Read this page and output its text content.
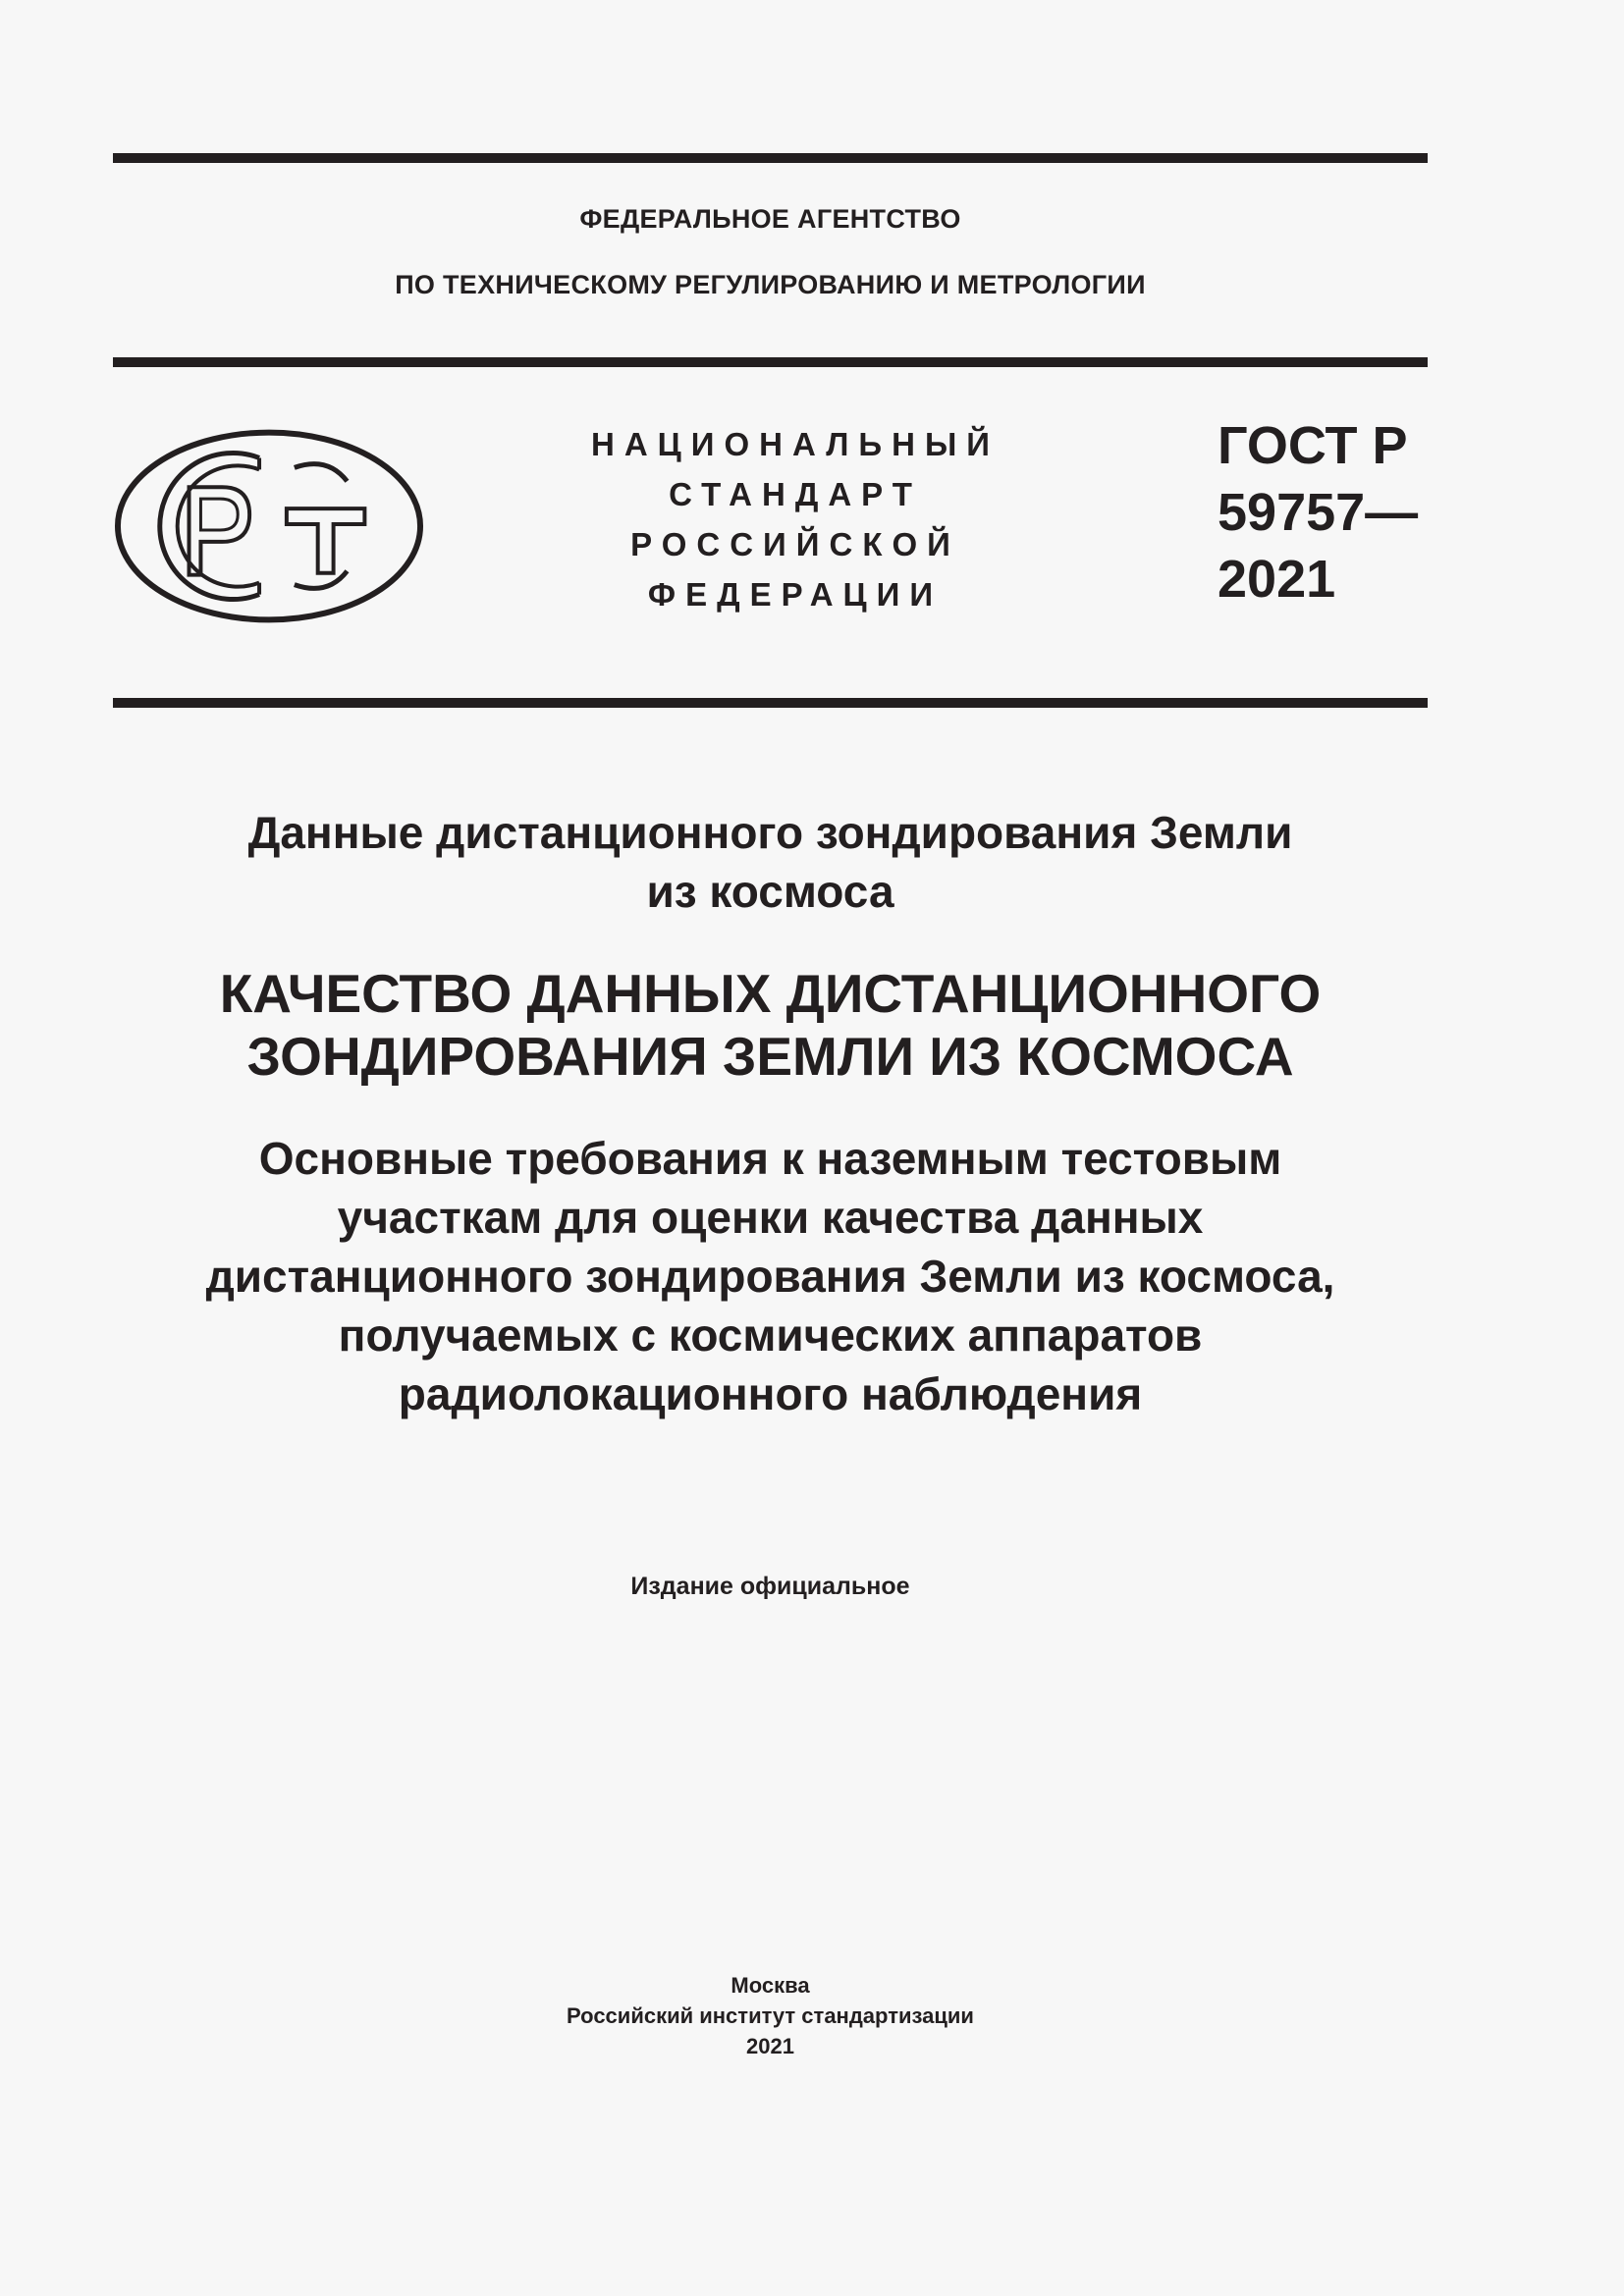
ФЕДЕРАЛЬНОЕ АГЕНТСТВО
ПО ТЕХНИЧЕСКОМУ РЕГУЛИРОВАНИЮ И МЕТРОЛОГИИ
НАЦИОНАЛЬНЫЙ
СТАНДАРТ
РОССИЙСКОЙ
ФЕДЕРАЦИИ
ГОСТ Р
59757—
2021
Данные дистанционного зондирования Земли
из космоса
КАЧЕСТВО ДАННЫХ ДИСТАНЦИОННОГО
ЗОНДИРОВАНИЯ ЗЕМЛИ ИЗ КОСМОСА
Основные требования к наземным тестовым
участкам для оценки качества данных
дистанционного зондирования Земли из космоса,
получаемых с космических аппаратов
радиолокационного наблюдения
Издание официальное
Москва
Российский институт стандартизации
2021
